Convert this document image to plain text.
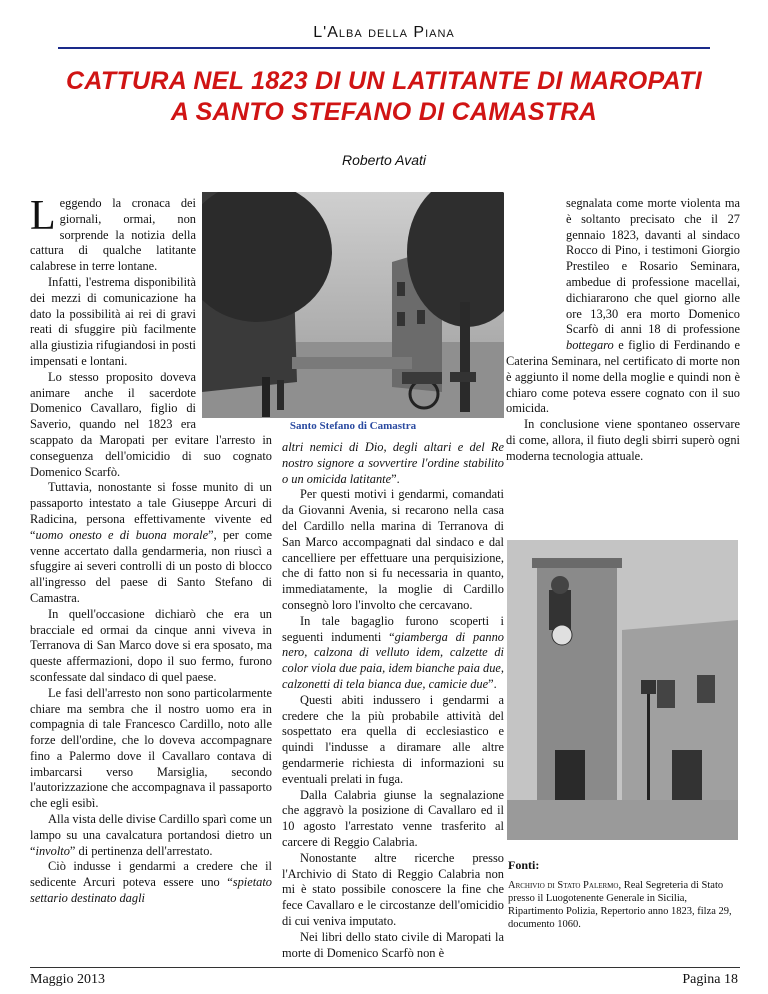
L'Alba della Piana
CATTURA NEL 1823 DI UN LATITANTE DI MAROPATI
A SANTO STEFANO DI CAMASTRA
Roberto Avati
Santo Stefano di Camastra

Leggendo la cronaca dei giornali, ormai, non sorprende la notizia della cattura di qualche latitante calabrese in terre lontane.

Infatti, l'estrema disponibilità dei mezzi di comunicazione ha dato la possibilità ai rei di gravi reati di sfuggire più facilmente alla giustizia rifugiandosi in posti impensati e lontani.

Lo stesso proposito doveva animare anche il sacerdote Domenico Cavallaro, figlio di Saverio, quando nel 1823 era scappato da Maropati per evitare l'arresto in conseguenza dell'omicidio di suo cognato Domenico Scarfò.

Tuttavia, nonostante si fosse munito di un passaporto intestato a tale Giuseppe Arcuri di Radicina, persona effettivamente vivente ed “uomo onesto e di buona morale”, per come venne accertato dalla gendarmeria, non riuscì a sfuggire ai severi controlli di un posto di blocco all'ingresso del paese di Santo Stefano di Camastra.

In quell'occasione dichiarò che era un bracciale ed ormai da cinque anni viveva in Terranova di San Marco dove si era sposato, ma queste affermazioni, dopo il suo fermo, furono sconfessate dal sindaco di quel paese.

Le fasi dell'arresto non sono particolarmente chiare ma sembra che il nostro uomo era in compagnia di tale Francesco Cardillo, noto alle forze dell'ordine, che lo doveva accompagnare fino a Palermo dove il Cavallaro contava di imbarcarsi verso Marsiglia, secondo l'autorizzazione che accompagnava il passaporto che egli esibì.

Alla vista delle divise Cardillo sparì come un lampo su una cavalcatura portandosi dietro un “involto” di pertinenza dell'arrestato.

Ciò indusse i gendarmi a credere che il sedicente Arcuri poteva essere uno “spietato settario destinato dagli

altri nemici di Dio, degli altari e del Re nostro signore a sovvertire l'ordine stabilito o un omicida latitante”.

Per questi motivi i gendarmi, comandati da Giovanni Avenia, si recarono nella casa del Cardillo nella marina di Terranova di San Marco accompagnati dal sindaco e dal cancelliere per effettuare una perquisizione, che di fatto non si fu necessaria in quanto, immediatamente, la moglie di Cardillo consegnò loro l'involto che cercavano.

In tale bagaglio furono scoperti i seguenti indumenti “giamberga di panno nero, calzona di velluto idem, calzette di color viola due paia, idem bianche paia due, calzonetti di tela bianca due, camicie due”.

Questi abiti indussero i gendarmi a credere che la più probabile attività del sospettato era quella di ecclesiastico e quindi l'indusse a diramare alle altre gendarmerie richiesta di informazioni su eventuali prelati in fuga.

Dalla Calabria giunse la segnalazione che aggravò la posizione di Cavallaro ed il 10 agosto l'arrestato venne trasferito al carcere di Reggio Calabria.

Nonostante altre ricerche presso l'Archivio di Stato di Reggio Calabria non mi è stato possibile conoscere la fine che fece Cavallaro e le circostanze dell'omicidio di cui veniva imputato.

Nei libri dello stato civile di Maropati la morte di Domenico Scarfò non è

segnalata come morte violenta ma è soltanto precisato che il 27 gennaio 1823, davanti al sindaco Rocco di Pino, i testimoni Giorgio Prestileo e Rosario Seminara, ambedue di professione macellai, dichiararono che quel giorno alle ore 13,30 era morto Domenico Scarfò di anni 18 di professione bottegaro e figlio di Ferdinando e Caterina Seminara, nel certificato di morte non è aggiunto il nome della moglie e quindi non è chiaro come poteva essere cognato con il suo omicida.

In conclusione viene spontaneo osservare di come, allora, il fiuto degli sbirri superò ogni moderna tecnologia attuale.

Fonti:
Archivio di Stato Palermo, Real Segreteria di Stato presso il Luogotenente Generale in Sicilia, Ripartimento Polizia, Repertorio anno 1823, filza 29, documento 1060.
Maggio 2013	Pagina 18
